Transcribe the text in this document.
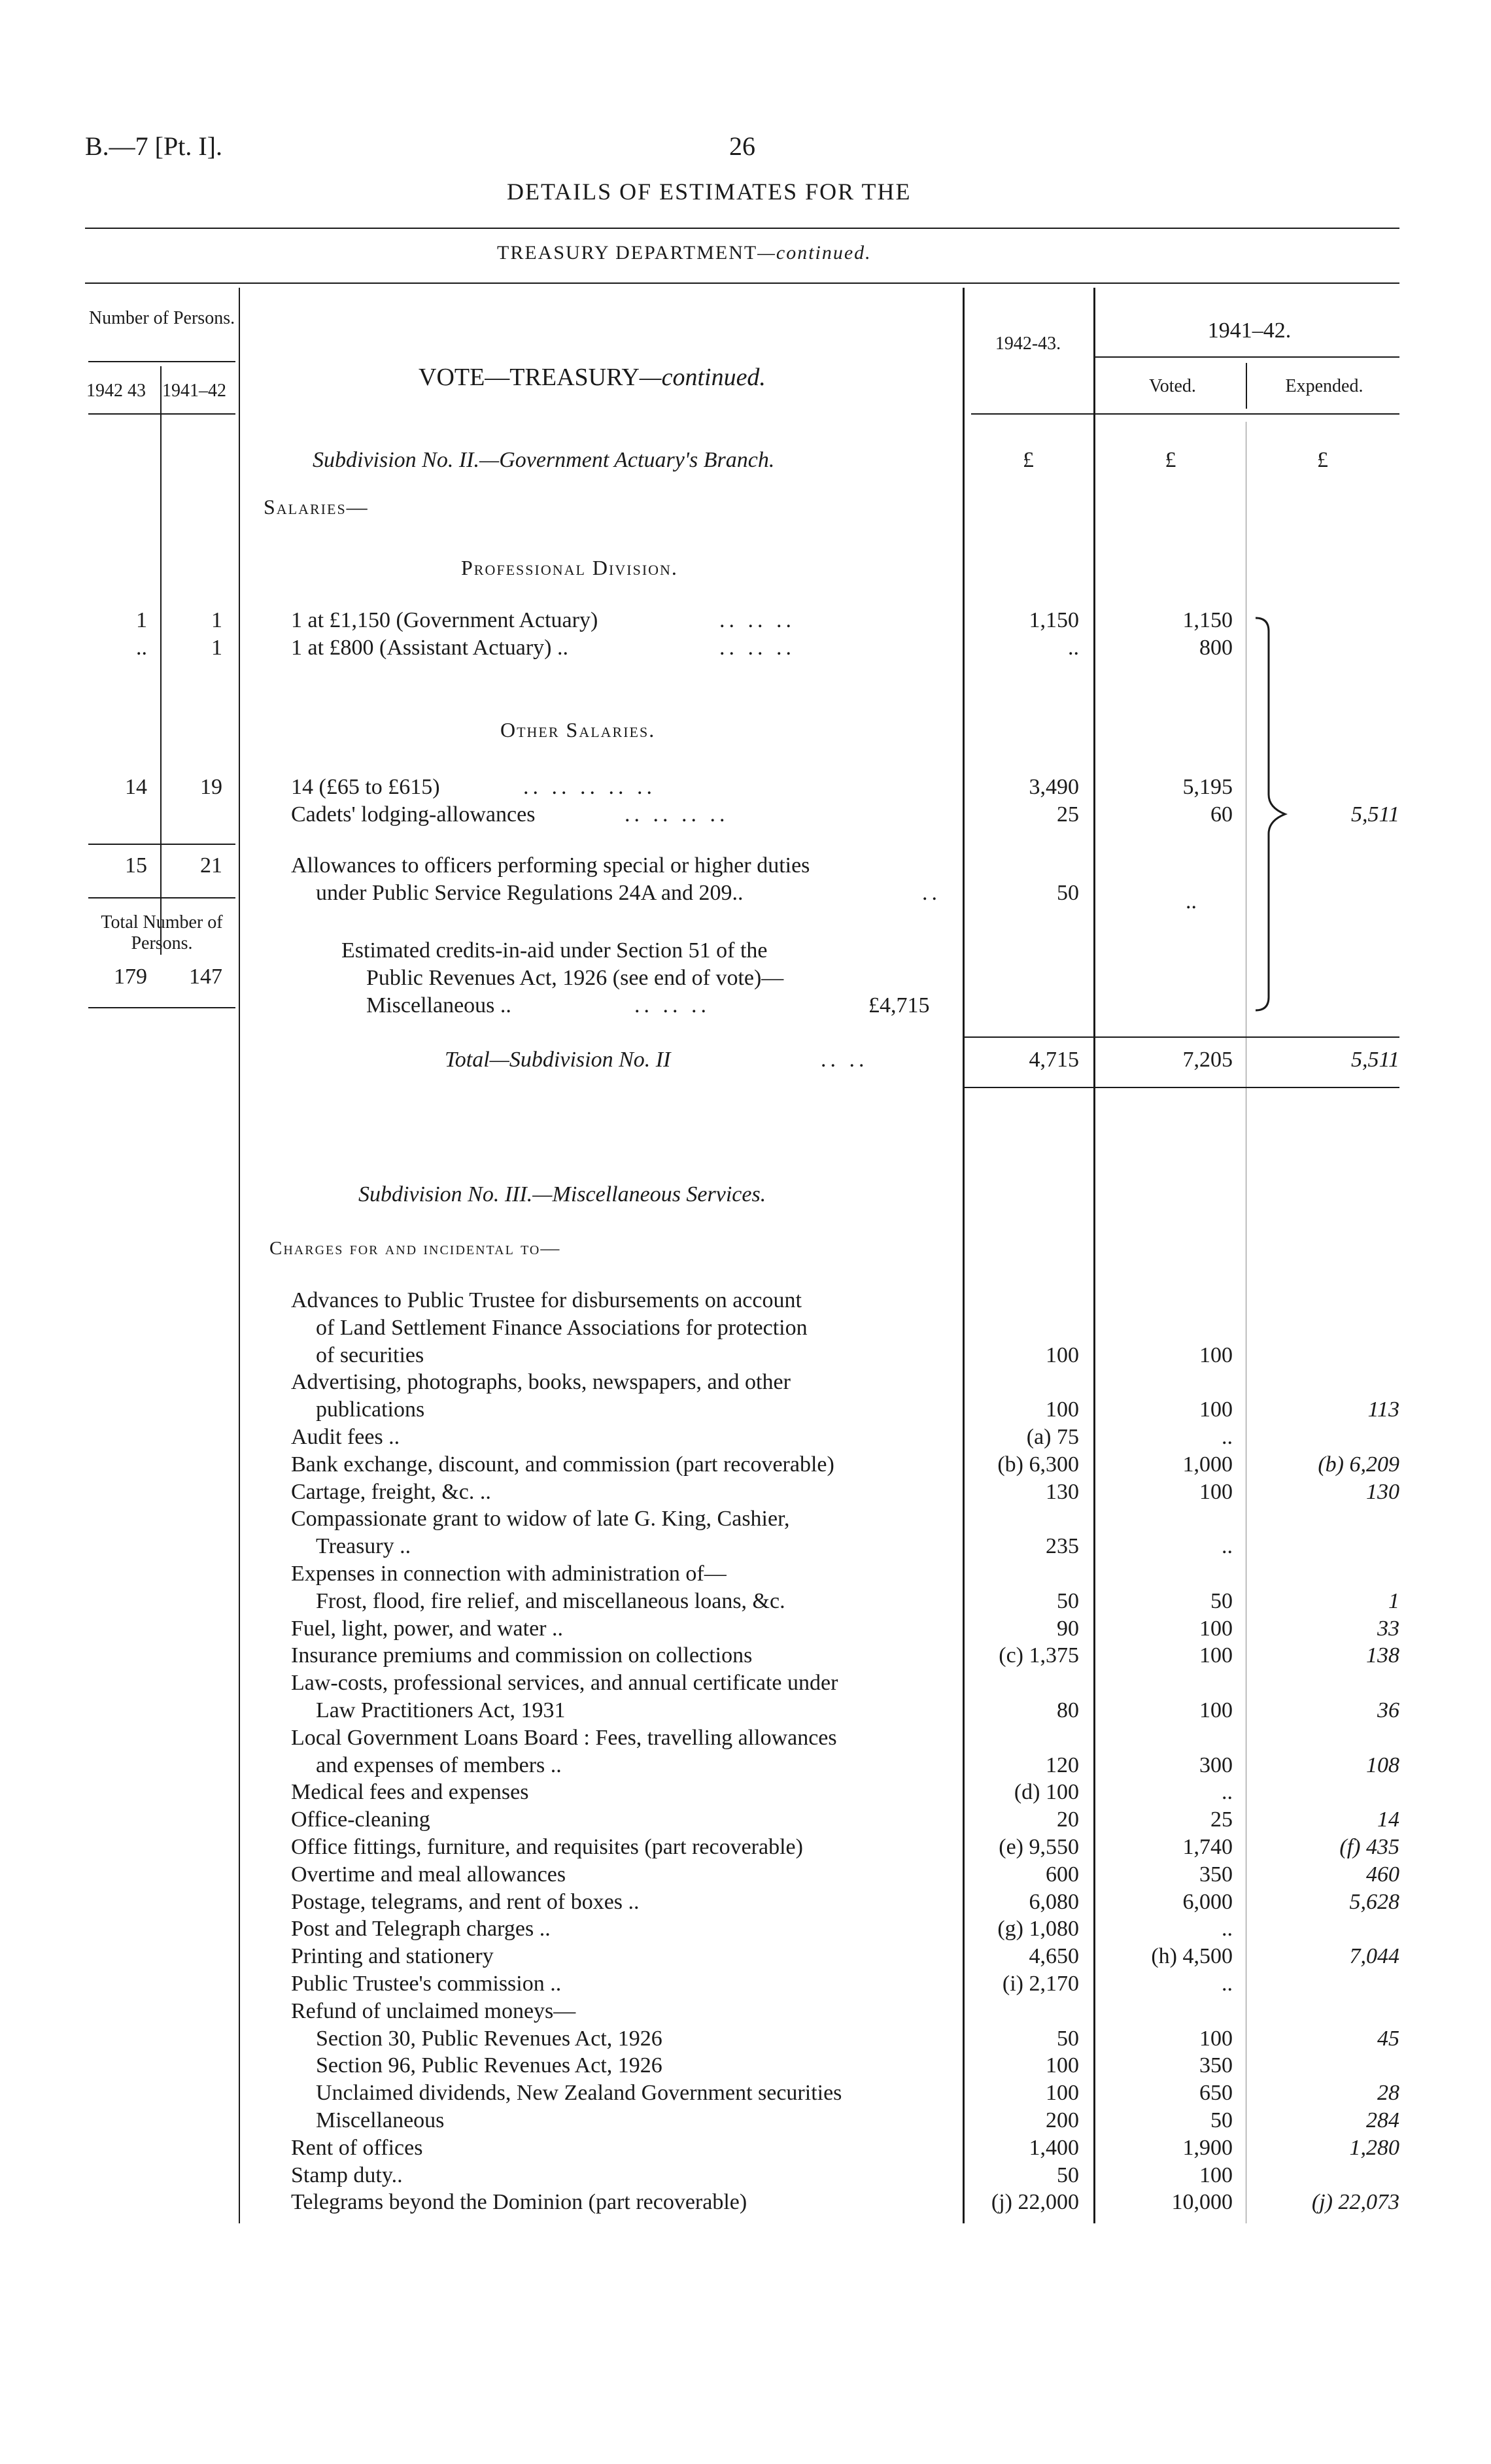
B.—7 [Pt. I].	26
DETAILS OF ESTIMATES FOR THE
TREASURY DEPARTMENT—continued.
Number of Persons.
1942 43 1941–42	VOTE—TREASURY—continued.
1942-43.
1941–42.
Voted.	Expended.
Subdivision No. II.—Government Actuary's Branch.	£	£	£
Salaries—
Professional Division.
1	1	1 at £1,150 (Government Actuary)	.. .. ..	1,150	1,150
..	1	1 at £800 (Assistant Actuary) ..	.. .. ..	..	800
Other Salaries.
14	19	14 (£65 to £615)	.. .. .. .. ..	3,490	5,195
Cadets' lodging-allowances	.. .. .. ..	25	60	5,511
15	21	Allowances to officers performing special or higher duties
under Public Service Regulations 24A and 209..	..	50	..
Total Number of Persons.
179	147
Estimated credits-in-aid under Section 51 of the
Public Revenues Act, 1926 (see end of vote)—
Miscellaneous ..	.. .. ..	£4,715
Total—Subdivision No. II	.. ..	4,715	7,205	5,511
Subdivision No. III.—Miscellaneous Services.
Charges for and incidental to—
Advances to Public Trustee for disbursements on account
of Land Settlement Finance Associations for protection
of securities	100	100
Advertising, photographs, books, newspapers, and other
publications	100	100	113
Audit fees ..	(a) 75	..
Bank exchange, discount, and commission (part recoverable)	(b) 6,300	1,000	(b) 6,209
Cartage, freight, &c. ..	130	100	130
Compassionate grant to widow of late G. King, Cashier,
Treasury ..	235	..
Expenses in connection with administration of—
Frost, flood, fire relief, and miscellaneous loans, &c.	50	50	1
Fuel, light, power, and water ..	90	100	33
Insurance premiums and commission on collections	(c) 1,375	100	138
Law-costs, professional services, and annual certificate under
Law Practitioners Act, 1931	80	100	36
Local Government Loans Board : Fees, travelling allowances
and expenses of members ..	120	300	108
Medical fees and expenses	(d) 100	..
Office-cleaning	20	25	14
Office fittings, furniture, and requisites (part recoverable)	(e) 9,550	1,740	(f) 435
Overtime and meal allowances	600	350	460
Postage, telegrams, and rent of boxes ..	6,080	6,000	5,628
Post and Telegraph charges ..	(g) 1,080	..
Printing and stationery	4,650	(h) 4,500	7,044
Public Trustee's commission ..	(i) 2,170	..
Refund of unclaimed moneys—
Section 30, Public Revenues Act, 1926	50	100	45
Section 96, Public Revenues Act, 1926	100	350
Unclaimed dividends, New Zealand Government securities	100	650	28
Miscellaneous	200	50	284
Rent of offices	1,400	1,900	1,280
Stamp duty..	50	100
Telegrams beyond the Dominion (part recoverable)	(j) 22,000	10,000	(j) 22,073
